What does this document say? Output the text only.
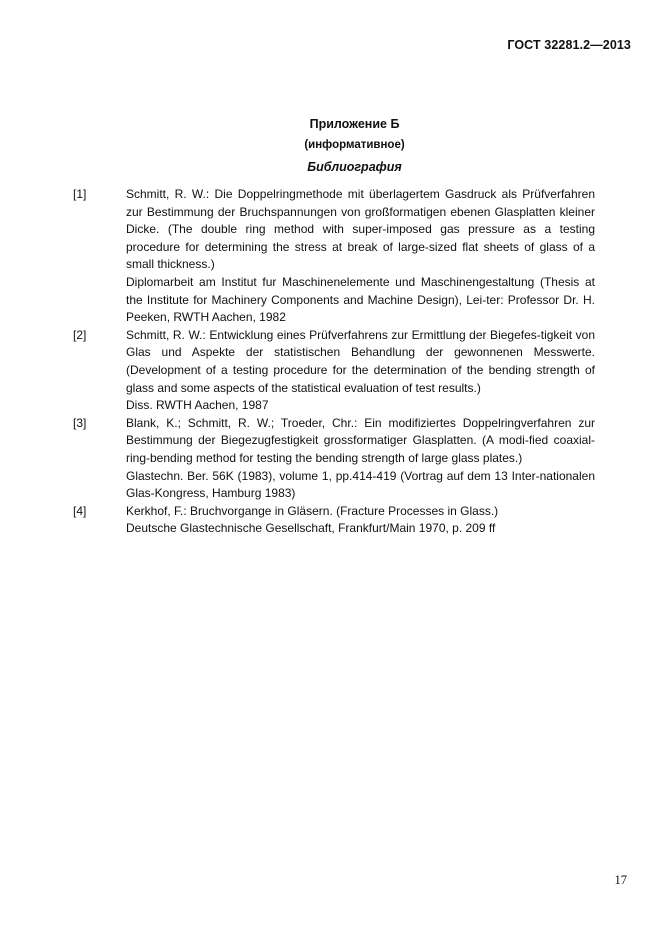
ГОСТ 32281.2—2013
Приложение Б
(информативное)
Библиография
[1]	Schmitt, R. W.: Die Doppelringmethode mit überlagertem Gasdruck als Prüfverfahren zur Bestimmung der Bruchspannungen von großformatigen ebenen Glasplatten kleiner Dicke. (The double ring method with super-imposed gas pressure as a testing procedure for determining the stress at break of large-sized flat sheets of glass of a small thickness.)

Diplomarbeit am Institut fur Maschinenelemente und Maschinengestaltung (Thesis at the Institute for Machinery Components and Machine Design), Lei-ter: Professor Dr. H. Peeken, RWTH Aachen, 1982

[2]	Schmitt, R. W.: Entwicklung eines Prüfverfahrens zur Ermittlung der Biegefes-tigkeit von Glas und Aspekte der statistischen Behandlung der gewonnenen Messwerte. (Development of a testing procedure for the determination of the bending strength of glass and some aspects of the statistical evaluation of test results.)

Diss. RWTH Aachen, 1987

[3]	Blank, K.; Schmitt, R. W.; Troeder, Chr.: Ein modifiziertes Doppelringverfahren zur Bestimmung der Biegezugfestigkeit grossformatiger Glasplatten. (A modi-fied coaxial-ring-bending method for testing the bending strength of large glass plates.)

Glastechn. Ber. 56K (1983), volume 1, pp.414-419 (Vortrag auf dem 13 Inter-nationalen Glas-Kongress, Hamburg 1983)

[4]	Kerkhof, F.: Bruchvorgange in Gläsern. (Fracture Processes in Glass.)

Deutsche Glastechnische Gesellschaft, Frankfurt/Main 1970, p. 209 ff

17
